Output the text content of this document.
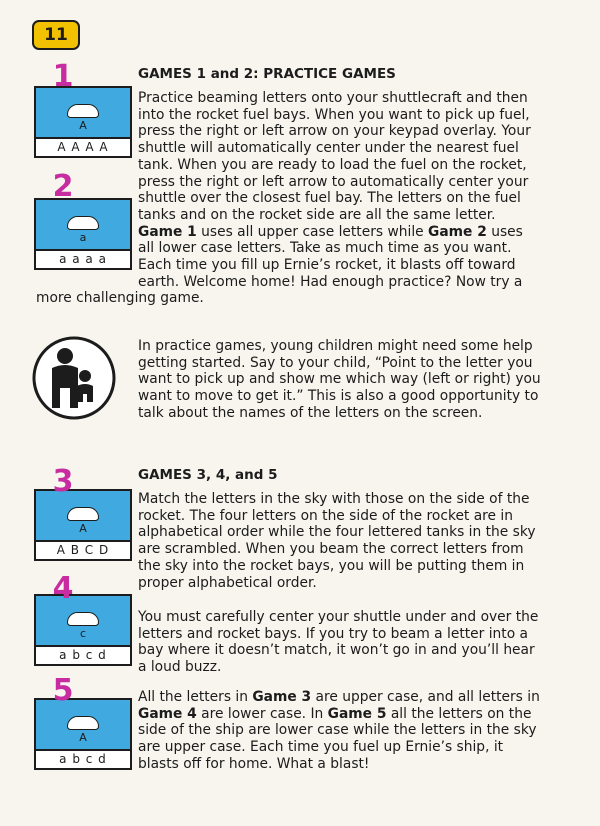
11
A
A A A A
1
a
a a a a
2
A
A B C D
3
c
a b c d
4
A
a b c d
5
GAMES 1 and 2: PRACTICE GAMES

Practice beaming letters onto your shuttlecraft and then into the rocket fuel bays. When you want to pick up fuel, press the right or left arrow on your keypad overlay. Your shuttle will automatically center under the nearest fuel tank. When you are ready to load the fuel on the rocket, press the right or left arrow to automatically center your shuttle over the closest fuel bay. The letters on the fuel tanks and on the rocket side are all the same letter. Game 1 uses all upper case letters while Game 2 uses all lower case letters. Take as much time as you want. Each time you fill up Ernie’s rocket, it blasts off toward earth. Welcome home! Had enough practice? Now try a more challenging game.

In practice games, young children might need some help getting started. Say to your child, “Point to the letter you want to pick up and show me which way (left or right) you want to move to get it.” This is also a good opportunity to talk about the names of the letters on the screen.

GAMES 3, 4, and 5

Match the letters in the sky with those on the side of the rocket. The four letters on the side of the rocket are in alphabetical order while the four lettered tanks in the sky are scrambled. When you beam the correct letters from the sky into the rocket bays, you will be putting them in proper alphabetical order.

You must carefully center your shuttle under and over the letters and rocket bays. If you try to beam a letter into a bay where it doesn’t match, it won’t go in and you’ll hear a loud buzz.

All the letters in Game 3 are upper case, and all letters in Game 4 are lower case. In Game 5 all the letters on the side of the ship are lower case while the letters in the sky are upper case. Each time you fuel up Ernie’s ship, it blasts off for home. What a blast!
